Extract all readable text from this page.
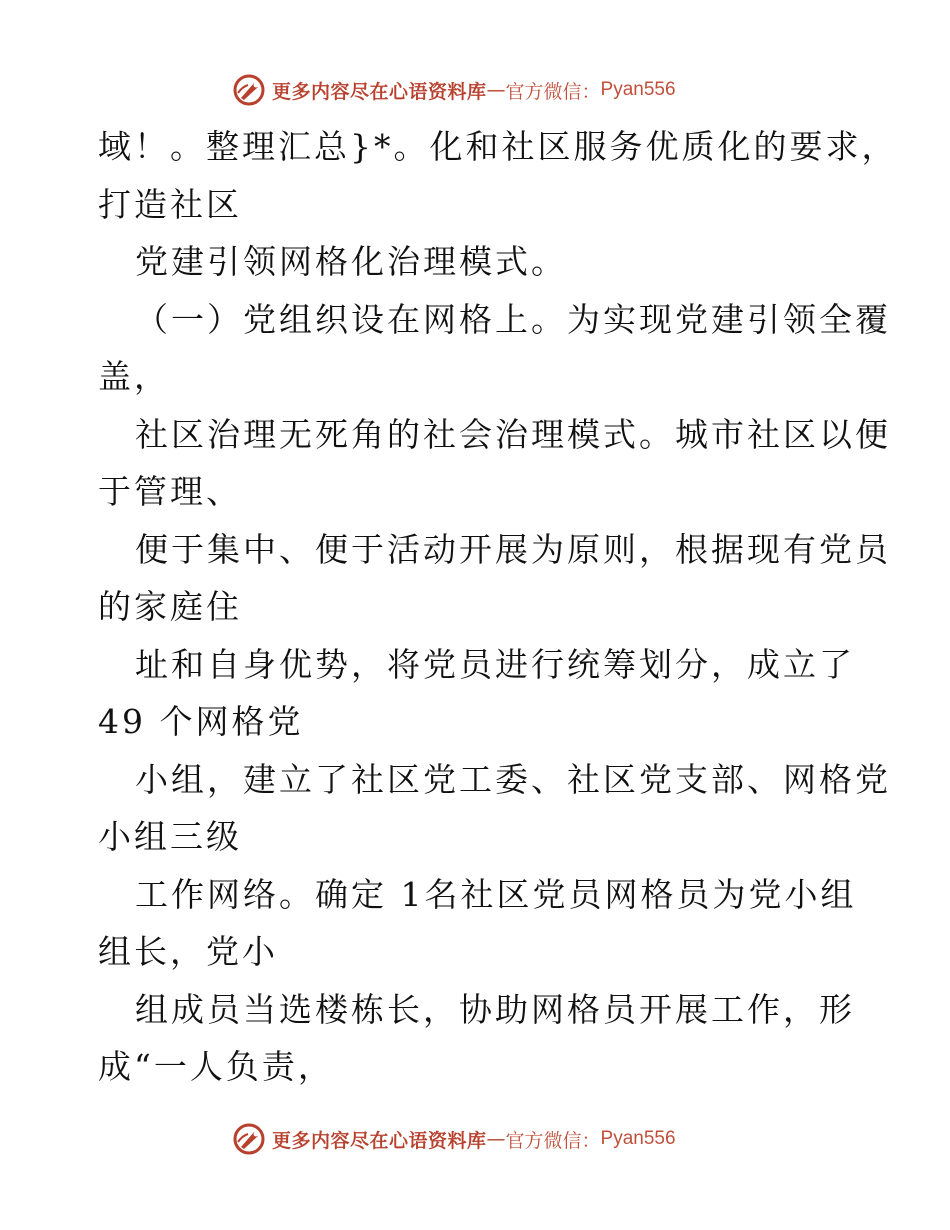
更多内容尽在心语资料库 — 官方微信： Pyan556
域！。整理汇总}*。化和社区服务优质化的要求，
打造社区
党建引领网格化治理模式。
（一）党组织设在网格上。为实现党建引领全覆
盖，
社区治理无死角的社会治理模式。城市社区以便
于管理、
便于集中、便于活动开展为原则，根据现有党员
的家庭住
址和自身优势，将党员进行统筹划分，成立了
49 个网格党
小组，建立了社区党工委、社区党支部、网格党
小组三级
工作网络。确定 1名社区党员网格员为党小组
组长，党小
组成员当选楼栋长，协助网格员开展工作，形
成“一人负责，
更多内容尽在心语资料库 — 官方微信： Pyan556
